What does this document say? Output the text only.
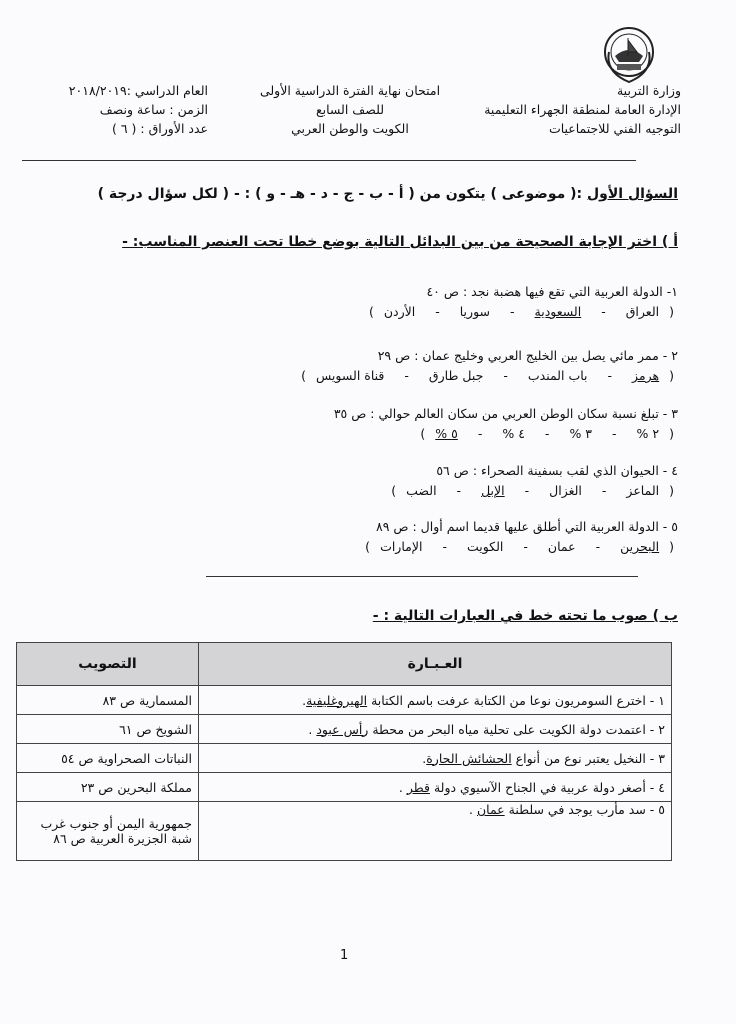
وزارة التربية
الإدارة العامة لمنطقة الجهراء التعليمية
التوجيه الفني للاجتماعيات
امتحان نهاية الفترة الدراسية الأولى
للصف السابع
الكويت والوطن العربي
العام الدراسي :٢٠١٨/٢٠١٩
الزمن : ساعة ونصف
عدد الأوراق : ( ٦ )
السؤال الأول :( موضوعى ) يتكون من ( أ - ب - ج - د - هـ - و ) : - ( لكل سؤال درجة )
أ ) اختر الإجابة الصحيحة من بين البدائل التالية بوضع خطا تحت العنصر المناسب: -
١- الدولة العربية التي تقع فيها هضبة نجد : ص ٤٠
(
العراق
-
السعودية
-
سوريا
-
الأردن
)
٢ - ممر مائي يصل بين الخليج العربي وخليج عمان : ص ٢٩
(
هرمز
-
باب المندب
-
جبل طارق
-
قناة السويس
)
٣ - تبلغ نسبة سكان الوطن العربي من سكان العالم حوالي : ص ٣٥
(
٢ %
-
٣ %
-
٤ %
-
٥ %
)
٤ - الحيوان الذي لقب بسفينة الصحراء : ص ٥٦
(
الماعز
-
الغزال
-
الإبل
-
الضب
)
٥ - الدولة العربية التي أطلق عليها قديما اسم أوال : ص ٨٩
(
البحرين
-
عمان
-
الكويت
-
الإمارات
)
ب ) صوب ما تحته خط في العبارات التالية : -
العـبـارة	التصويب
١ - اخترع السومريون نوعا من الكتابة عرفت باسم الكتابة الهيروغليفية.	المسمارية ص ٨٣
٢ - اعتمدت دولة الكويت على تحلية مياه البحر من محطة رأس عبود .	الشويخ ص ٦١
٣ - النخيل يعتبر نوع من أنواع الحشائش الحارة.	النباتات الصحراوية ص ٥٤
٤ - أصغر دولة عربية في الجناح الآسيوي دولة قطر .	مملكة البحرين ص ٢٣
٥ - سد مأرب يوجد في سلطنة عمان .	جمهورية اليمن أو جنوب غرب شبة الجزيرة العربية ص ٨٦
1
